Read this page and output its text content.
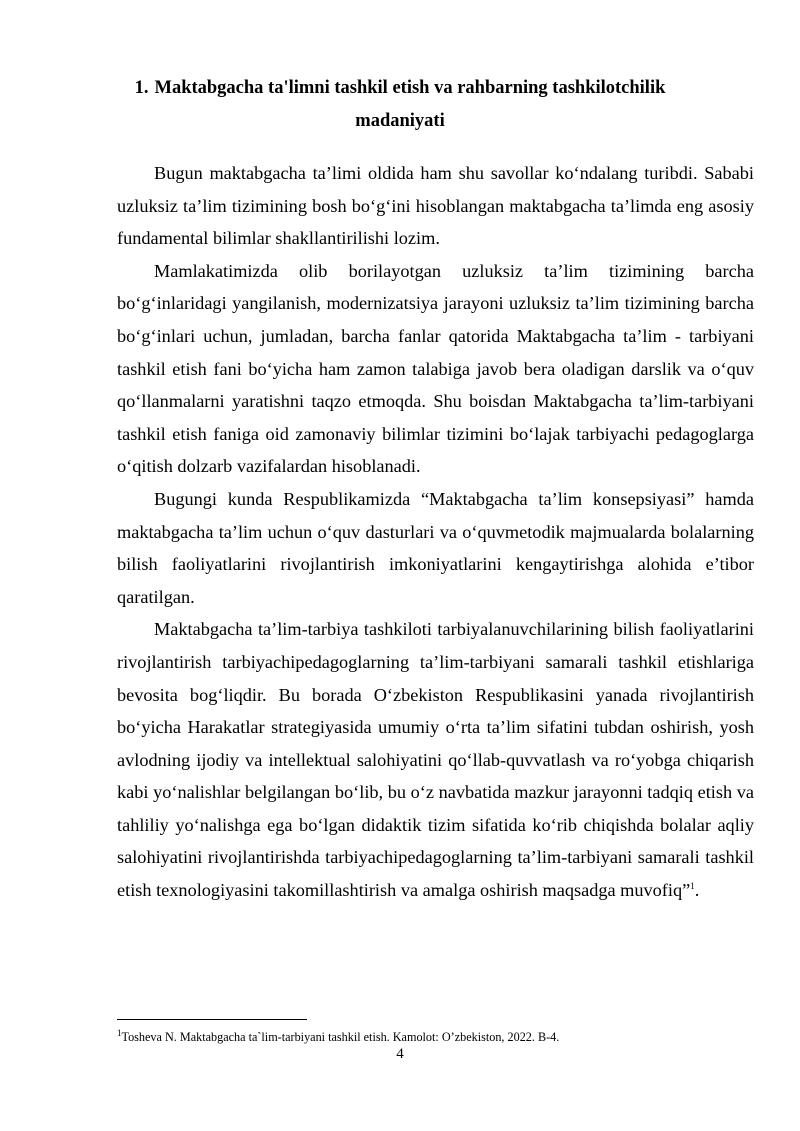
1. Maktabgacha ta'limni tashkil etish va rahbarning tashkilotchilik
madaniyati

Bugun maktabgacha ta’limi oldida ham shu savollar ko‘ndalang turibdi. Sababi uzluksiz ta’lim tizimining bosh bo‘g‘ini hisoblangan maktabgacha ta’limda eng asosiy fundamental bilimlar shakllantirilishi lozim.

Mamlakatimizda olib borilayotgan uzluksiz ta’lim tizimining barcha bo‘g‘inlaridagi yangilanish, modernizatsiya jarayoni uzluksiz ta’lim tizimining barcha bo‘g‘inlari uchun, jumladan, barcha fanlar qatorida Maktabgacha ta’lim - tarbiyani tashkil etish fani bo‘yicha ham zamon talabiga javob bera oladigan darslik va o‘quv qo‘llanmalarni yaratishni taqzo etmoqda. Shu boisdan Maktabgacha ta’lim-tarbiyani tashkil etish faniga oid zamonaviy bilimlar tizimini bo‘lajak tarbiyachi pedagoglarga o‘qitish dolzarb vazifalardan hisoblanadi.

Bugungi kunda Respublikamizda “Maktabgacha ta’lim konsepsiyasi” hamda maktabgacha ta’lim uchun o‘quv dasturlari va o‘quvmetodik majmualarda bolalarning bilish faoliyatlarini rivojlantirish imkoniyatlarini kengaytirishga alohida e’tibor qaratilgan.

Maktabgacha ta’lim-tarbiya tashkiloti tarbiyalanuvchilarining bilish faoliyatlarini rivojlantirish tarbiyachipedagoglarning ta’lim-tarbiyani samarali tashkil etishlariga bevosita bog‘liqdir. Bu borada O‘zbekiston Respublikasini yanada rivojlantirish bo‘yicha Harakatlar strategiyasida umumiy o‘rta ta’lim sifatini tubdan oshirish, yosh avlodning ijodiy va intellektual salohiyatini qo‘llab-quvvatlash va ro‘yobga chiqarish kabi yo‘nalishlar belgilangan bo‘lib, bu o‘z navbatida mazkur jarayonni tadqiq etish va tahliliy yo‘nalishga ega bo‘lgan didaktik tizim sifatida ko‘rib chiqishda bolalar aqliy salohiyatini rivojlantirishda tarbiyachipedagoglarning ta’lim-tarbiyani samarali tashkil etish texnologiyasini takomillashtirish va amalga oshirish maqsadga muvofiq”$^1$.

$^1$Tosheva N. Maktabgacha ta`lim-tarbiyani tashkil etish. Kamolot: O’zbekiston, 2022. B-4.
4
